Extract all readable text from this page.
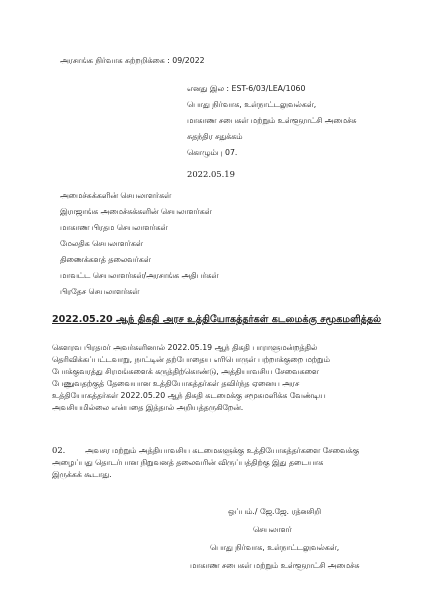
அரசாங்க நிர்வாக சுற்றறிக்கை : 09/2022
எனது இல : EST-6/03/LEA/1060
பொது நிர்வாக, உள்நாட்டலுவல்கள்,
மாகாண சபைகள் மற்றும் உள்ளூராட்சி அமைச்சு
சுதந்திர சதுக்கம்
கொழும்பு 07.
2022.05.19
அமைச்சுக்களின் செயலாளர்கள்
இராஜாங்க அமைச்சுக்களின் செயலாளர்கள்
மாகாண பிரதம செயலாளர்கள்
மேலதிக செயலாளர்கள்
திணைக்களத் தலைவர்கள்
மாவட்ட செயலாளர்கள்/அரசாங்க அதிபர்கள்
பிரதேச செயலாளர்கள்
2022.05.20 ஆந் திகதி அரச உத்தியோகத்தர்கள் கடமைக்கு சமூகமளித்தல்
கௌரவ பிரதமர் அவர்களினால் 2022.05.19 ஆந் திகதி பாராளுமன்றத்தில்
தெரிவிக்கப்பட்டவாறு, நாட்டின் தற்போதைய எரிபொருள் பற்றாக்குறை மற்றும்
போக்குவரத்து சிரமங்களைக் கருத்திற்கொண்டு, அத்தியாவசிய சேவைகளை
பேணுவதற்குத் தேவையான உத்தியோகத்தர்கள் தவிர்ந்த ஏனைய அரச
உத்தியோகத்தர்கள் 2022.05.20 ஆந் திகதி கடமைக்கு சமூகமளிக்க வேண்டிய
அவசியமில்லை என்பதை இத்தால் அறியத்தருகிறேன்.
02.	அவசர மற்றும் அத்தியாவசிய கடமைகளுக்கு உத்தியோகத்தர்களை சேவைக்கு
அழைப்பது தொடர்பான நிறுவனத் தலைவரின் விருப்பத்திற்கு இது தடையாக
இருக்கக் கூடாது.
ஒப்பம்./ ஜே.ஜே. ரத்னசிறி
செயலாளர்
பொது நிர்வாக, உள்நாட்டலுவல்கள்,
மாகாண சபைகள் மற்றும் உள்ளூராட்சி அமைச்சு
